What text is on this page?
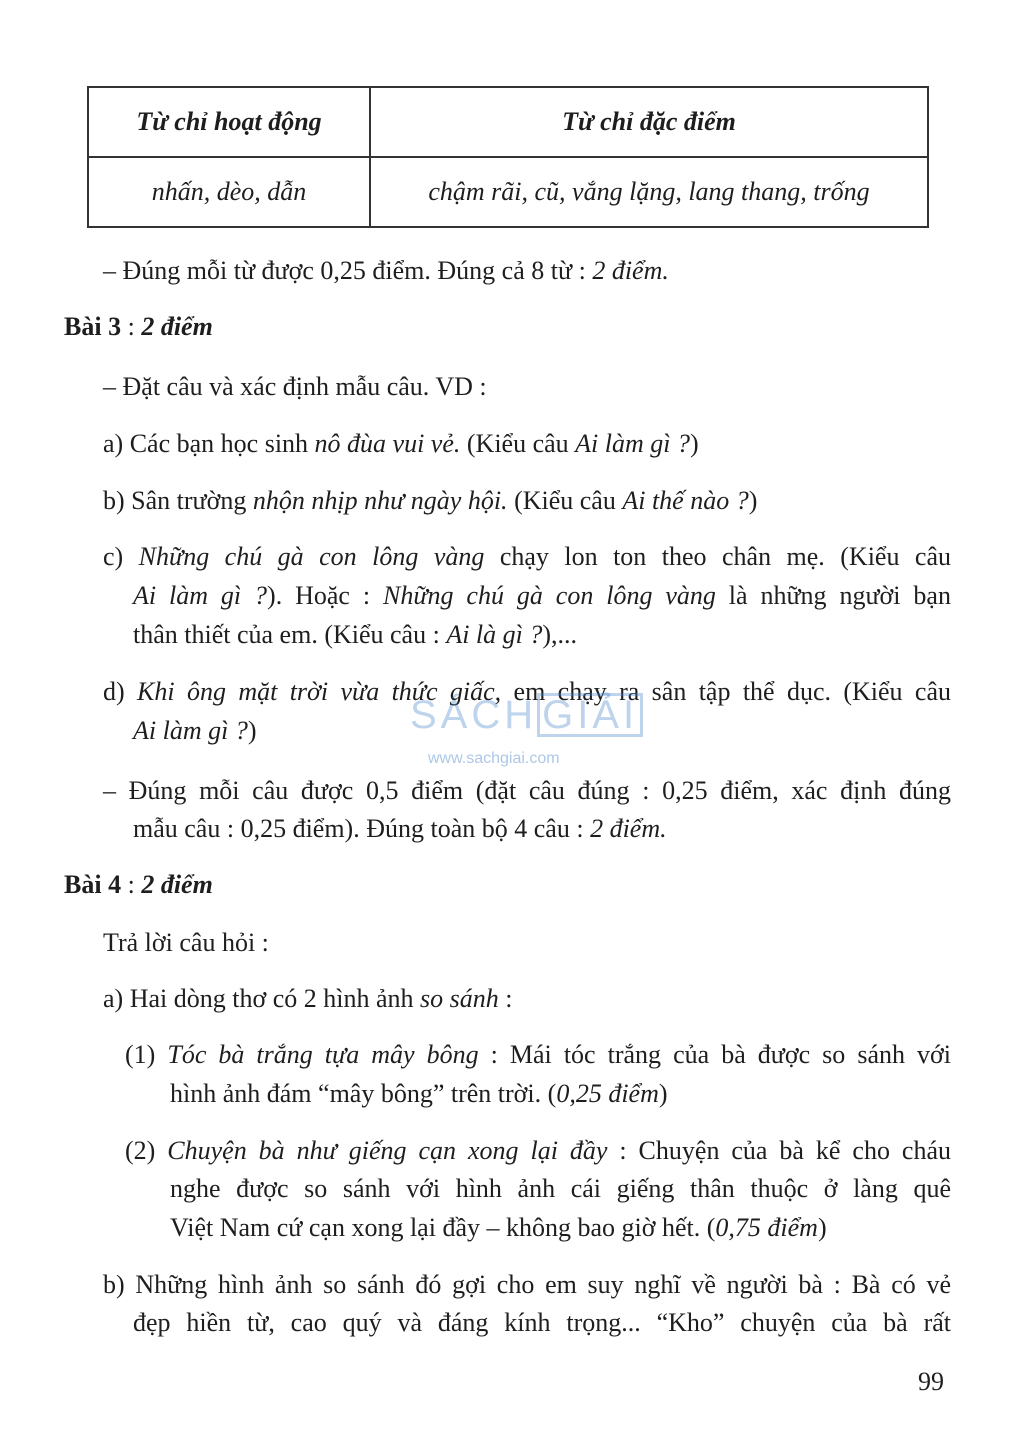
Từ chỉ hoạt động	Từ chỉ đặc điểm
nhấn, dèo, dẫn	chậm rãi, cũ, vắng lặng, lang thang, trống
– Đúng mỗi từ được 0,25 điểm. Đúng cả 8 từ : 2 điểm.
Bài 3 : 2 điểm
– Đặt câu và xác định mẫu câu. VD :
a) Các bạn học sinh nô đùa vui vẻ. (Kiểu câu Ai làm gì ?)
b) Sân trường nhộn nhịp như ngày hội. (Kiểu câu Ai thế nào ?)
c) Những chú gà con lông vàng chạy lon ton theo chân mẹ. (Kiểu câu
Ai làm gì ?). Hoặc : Những chú gà con lông vàng là những người bạn
thân thiết của em. (Kiểu câu : Ai là gì ?),...
d) Khi ông mặt trời vừa thức giấc, em chạy ra sân tập thể dục. (Kiểu câu
Ai làm gì ?)
– Đúng mỗi câu được 0,5 điểm (đặt câu đúng : 0,25 điểm, xác định đúng
mẫu câu : 0,25 điểm). Đúng toàn bộ 4 câu : 2 điểm.
Bài 4 : 2 điểm
Trả lời câu hỏi :
a) Hai dòng thơ có 2 hình ảnh so sánh :
(1) Tóc bà trắng tựa mây bông : Mái tóc trắng của bà được so sánh với
hình ảnh đám “mây bông” trên trời. (0,25 điểm)
(2) Chuyện bà như giếng cạn xong lại đầy : Chuyện của bà kể cho cháu
nghe được so sánh với hình ảnh cái giếng thân thuộc ở làng quê
Việt Nam cứ cạn xong lại đầy – không bao giờ hết. (0,75 điểm)
b) Những hình ảnh so sánh đó gợi cho em suy nghĩ về người bà : Bà có vẻ
đẹp hiền từ, cao quý và đáng kính trọng... “Kho” chuyện của bà rất
SÁCH GIẢI
www.sachgiai.com
99
